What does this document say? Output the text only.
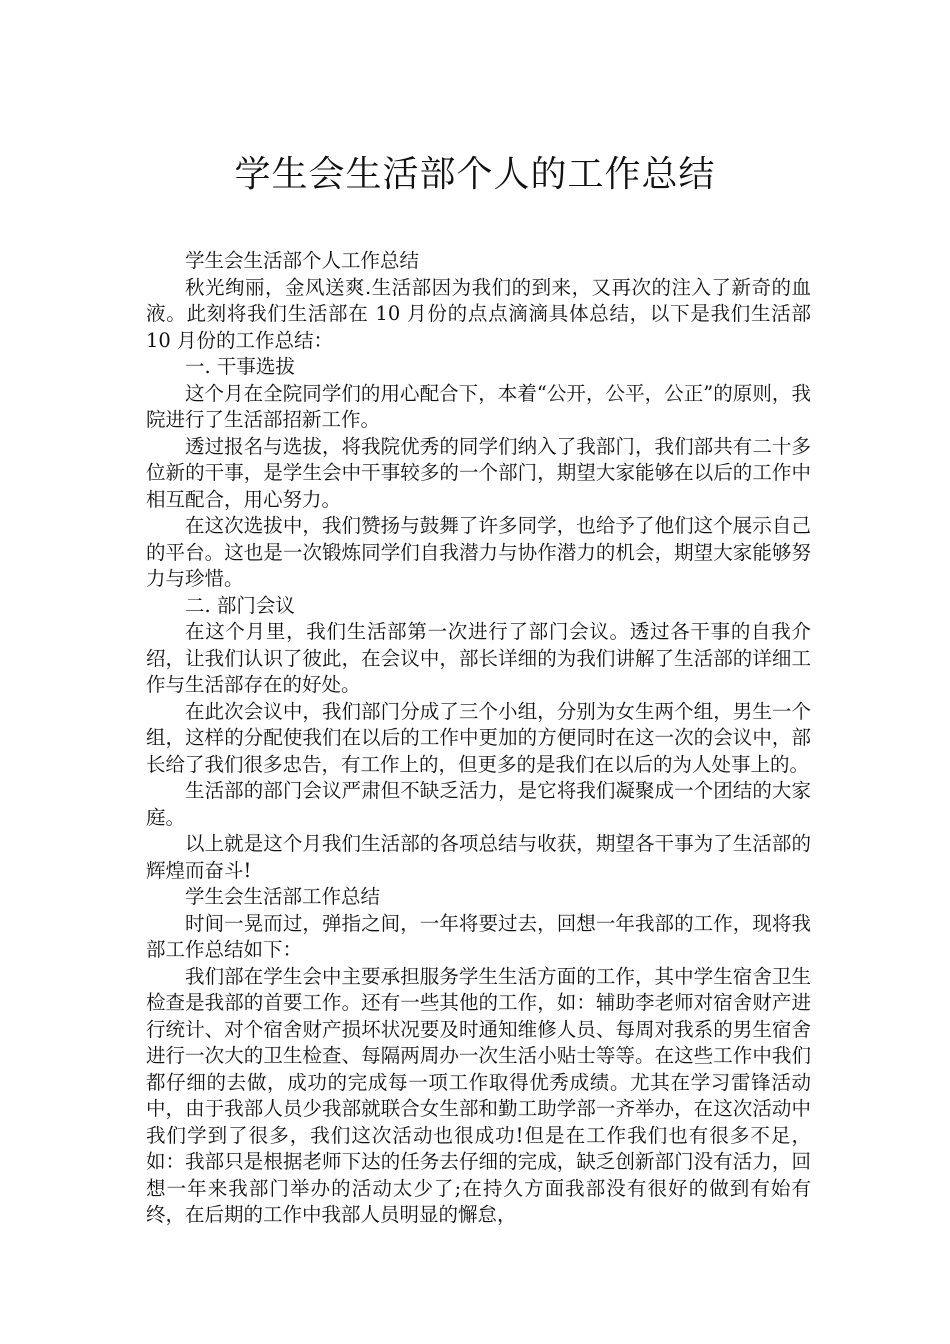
学生会生活部个人的工作总结

学生会生活部个人工作总结

秋光绚丽，金风送爽.生活部因为我们的到来，又再次的注入了新奇的血液。此刻将我们生活部在 10 月份的点点滴滴具体总结，以下是我们生活部 10 月份的工作总结：

一. 干事选拔

这个月在全院同学们的用心配合下，本着“公开，公平，公正”的原则，我院进行了生活部招新工作。

透过报名与选拔，将我院优秀的同学们纳入了我部门，我们部共有二十多位新的干事，是学生会中干事较多的一个部门，期望大家能够在以后的工作中相互配合，用心努力。

在这次选拔中，我们赞扬与鼓舞了许多同学，也给予了他们这个展示自己的平台。这也是一次锻炼同学们自我潜力与协作潜力的机会，期望大家能够努力与珍惜。

二. 部门会议

在这个月里，我们生活部第一次进行了部门会议。透过各干事的自我介绍，让我们认识了彼此，在会议中，部长详细的为我们讲解了生活部的详细工作与生活部存在的好处。

在此次会议中，我们部门分成了三个小组，分别为女生两个组，男生一个组，这样的分配使我们在以后的工作中更加的方便同时在这一次的会议中，部长给了我们很多忠告，有工作上的，但更多的是我们在以后的为人处事上的。

生活部的部门会议严肃但不缺乏活力，是它将我们凝聚成一个团结的大家庭。

以上就是这个月我们生活部的各项总结与收获，期望各干事为了生活部的辉煌而奋斗!

学生会生活部工作总结

时间一晃而过，弹指之间，一年将要过去，回想一年我部的工作，现将我部工作总结如下：

我们部在学生会中主要承担服务学生生活方面的工作，其中学生宿舍卫生检查是我部的首要工作。还有一些其他的工作，如：辅助李老师对宿舍财产进行统计、对个宿舍财产损坏状况要及时通知维修人员、每周对我系的男生宿舍进行一次大的卫生检查、每隔两周办一次生活小贴士等等。在这些工作中我们都仔细的去做，成功的完成每一项工作取得优秀成绩。尤其在学习雷锋活动中，由于我部人员少我部就联合女生部和勤工助学部一齐举办，在这次活动中我们学到了很多，我们这次活动也很成功!但是在工作我们也有很多不足，如：我部只是根据老师下达的任务去仔细的完成，缺乏创新部门没有活力，回想一年来我部门举办的活动太少了;在持久方面我部没有很好的做到有始有终，在后期的工作中我部人员明显的懈怠，
